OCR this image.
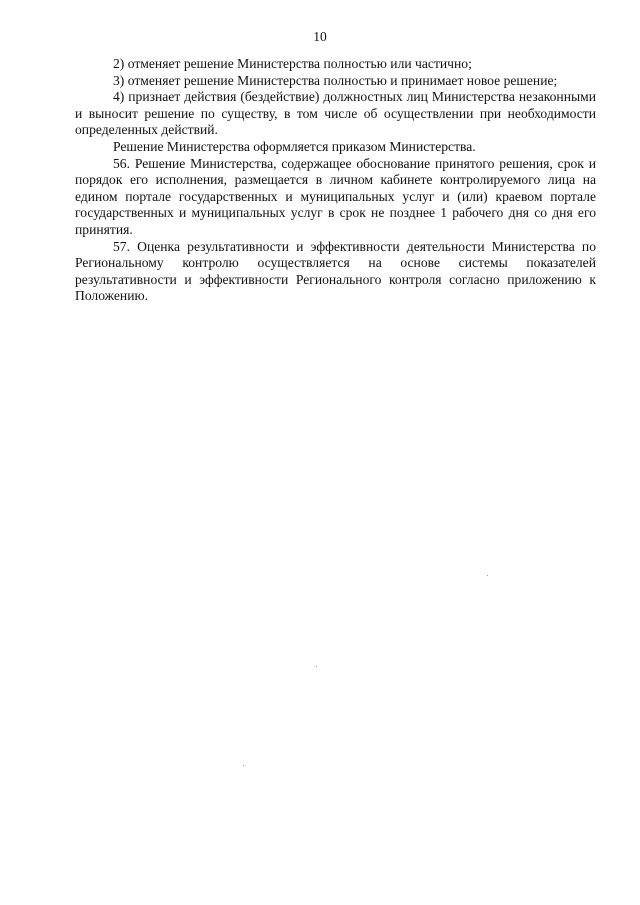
10

2) отменяет решение Министерства полностью или частично;

3) отменяет решение Министерства полностью и принимает новое решение;

4) признает действия (бездействие) должностных лиц Министерства незаконными и выносит решение по существу, в том числе об осуществлении при необходимости определенных действий.

Решение Министерства оформляется приказом Министерства.

56. Решение Министерства, содержащее обоснование принятого решения, срок и порядок его исполнения, размещается в личном кабинете контролируемого лица на едином портале государственных и муниципальных услуг и (или) краевом портале государственных и муниципальных услуг в срок не позднее 1 рабочего дня со дня его принятия.

57. Оценка результативности и эффективности деятельности Министерства по Региональному контролю осуществляется на основе системы показателей результативности и эффективности Регионального контроля согласно приложению к Положению.
